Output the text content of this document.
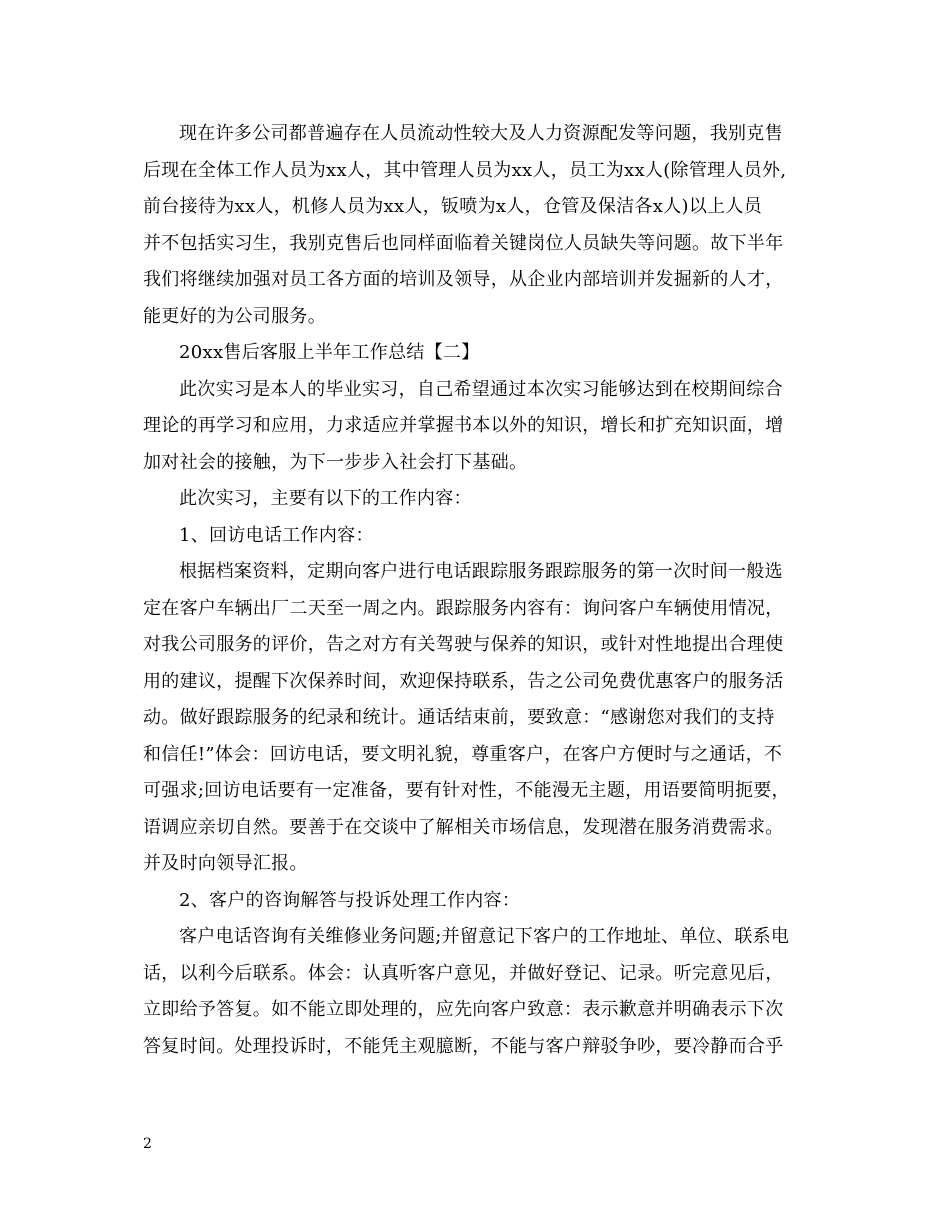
现在许多公司都普遍存在人员流动性较大及人力资源配发等问题，我别克售
后现在全体工作人员为xx人，其中管理人员为xx人，员工为xx人(除管理人员外,
前台接待为xx人，机修人员为xx人，钣喷为x人，仓管及保洁各x人)以上人员
并不包括实习生，我别克售后也同样面临着关键岗位人员缺失等问题。故下半年
我们将继续加强对员工各方面的培训及领导，从企业内部培训并发掘新的人才，
能更好的为公司服务。
20xx售后客服上半年工作总结【二】
此次实习是本人的毕业实习，自己希望通过本次实习能够达到在校期间综合
理论的再学习和应用，力求适应并掌握书本以外的知识，增长和扩充知识面，增
加对社会的接触，为下一步步入社会打下基础。
此次实习，主要有以下的工作内容：
1、回访电话工作内容：
根据档案资料，定期向客户进行电话跟踪服务跟踪服务的第一次时间一般选
定在客户车辆出厂二天至一周之内。跟踪服务内容有：询问客户车辆使用情况，
对我公司服务的评价，告之对方有关驾驶与保养的知识，或针对性地提出合理使
用的建议，提醒下次保养时间，欢迎保持联系，告之公司免费优惠客户的服务活
动。做好跟踪服务的纪录和统计。通话结束前，要致意：“感谢您对我们的支持
和信任!”体会：回访电话，要文明礼貌，尊重客户，在客户方便时与之通话，不
可强求;回访电话要有一定准备，要有针对性，不能漫无主题，用语要简明扼要，
语调应亲切自然。要善于在交谈中了解相关市场信息，发现潜在服务消费需求。
并及时向领导汇报。
2、客户的咨询解答与投诉处理工作内容：
客户电话咨询有关维修业务问题;并留意记下客户的工作地址、单位、联系电
话，以利今后联系。体会：认真听客户意见，并做好登记、记录。听完意见后，
立即给予答复。如不能立即处理的，应先向客户致意：表示歉意并明确表示下次
答复时间。处理投诉时，不能凭主观臆断，不能与客户辩驳争吵，要冷静而合乎
2
